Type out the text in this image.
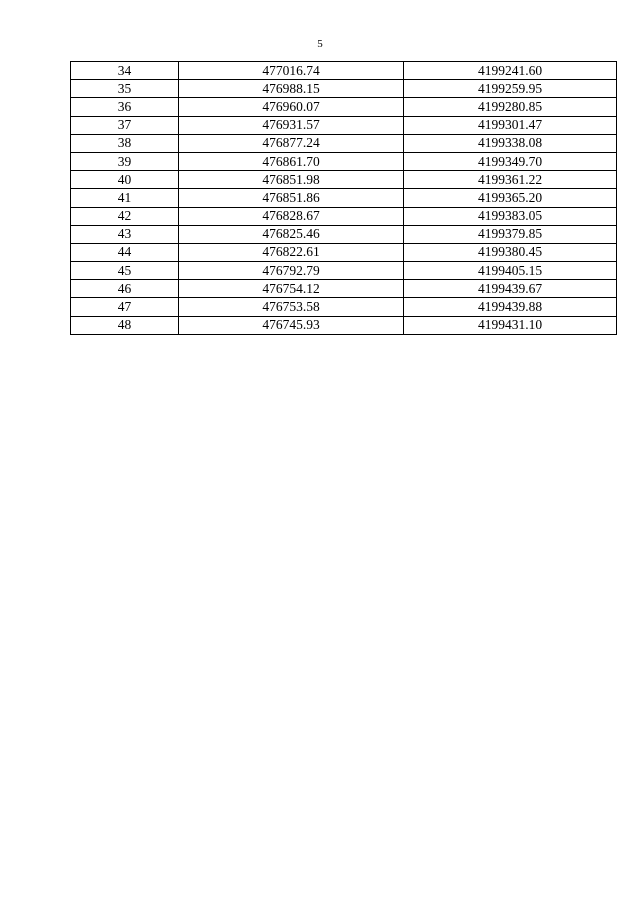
5
34	477016.74	4199241.60
35	476988.15	4199259.95
36	476960.07	4199280.85
37	476931.57	4199301.47
38	476877.24	4199338.08
39	476861.70	4199349.70
40	476851.98	4199361.22
41	476851.86	4199365.20
42	476828.67	4199383.05
43	476825.46	4199379.85
44	476822.61	4199380.45
45	476792.79	4199405.15
46	476754.12	4199439.67
47	476753.58	4199439.88
48	476745.93	4199431.10
